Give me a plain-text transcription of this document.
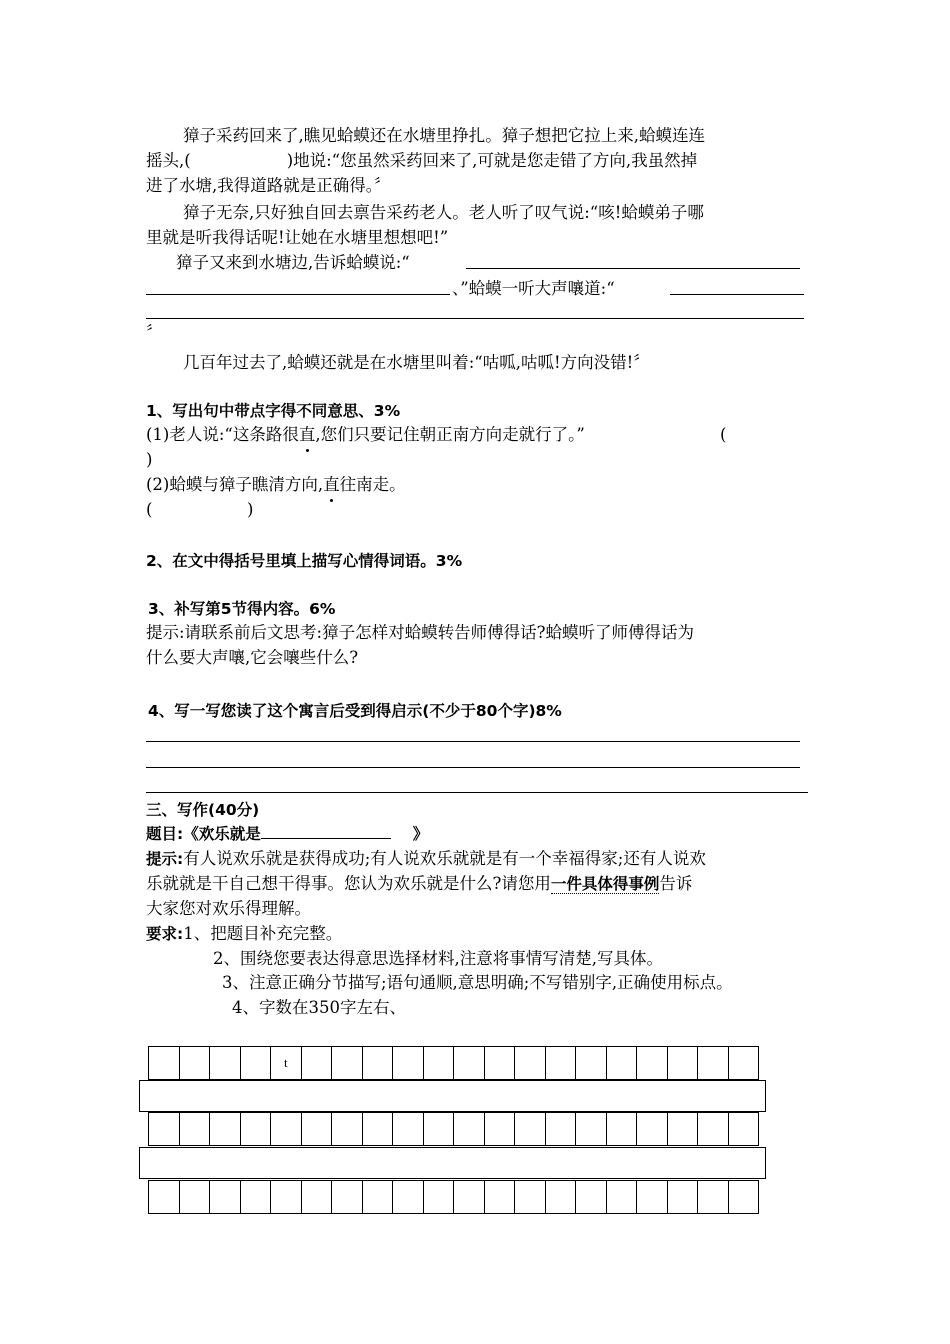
獐子采药回来了,瞧见蛤蟆还在水塘里挣扎。獐子想把它拉上来,蛤蟆连连
摇头,(	)地说:“您虽然采药回来了,可就是您走错了方向,我虽然掉
进了水塘,我得道路就是正确得。〞
獐子无奈,只好独自回去禀告采药老人。老人听了叹气说:“咳!蛤蟆弟子哪
里就是听我得话呢!让她在水塘里想想吧!”
獐子又来到水塘边,告诉蛤蟆说:“
、”蛤蟆一听大声嚷道:“
〞
几百年过去了,蛤蟆还就是在水塘里叫着:“咕呱,咕呱!方向没错!〞
1、写出句中带点字得不同意思、3%
(1)老人说:“这条路很直,您们只要记住朝正南方向走就行了。”	(
)
(2)蛤蟆与獐子瞧清方向,直往南走。
(	)
2、在文中得括号里填上描写心情得词语。3%
3、补写第5节得内容。6%
提示:请联系前后文思考:獐子怎样对蛤蟆转告师傅得话?蛤蟆听了师傅得话为
什么要大声嚷,它会嚷些什么?
4、写一写您读了这个寓言后受到得启示(不少于80个字)8%
三、写作(40分)
题目:《欢乐就是	》
提示:有人说欢乐就是获得成功;有人说欢乐就就是有一个幸福得家;还有人说欢
乐就就是干自己想干得事。您认为欢乐就是什么?请您用一件具体得事例告诉
大家您对欢乐得理解。
要求:1、把题目补充完整。
2、围绕您要表达得意思选择材料,注意将事情写清楚,写具体。
3、注意正确分节描写;语句通顺,意思明确;不写错别字,正确使用标点。
4、字数在350字左右、
t
